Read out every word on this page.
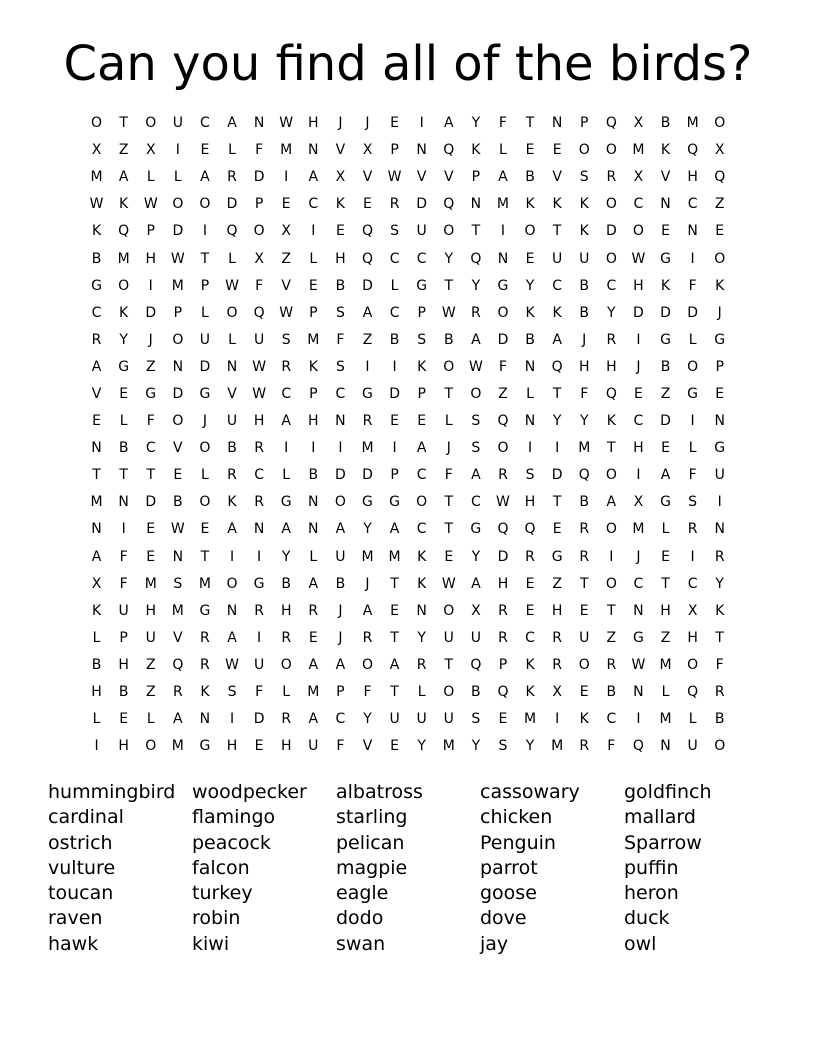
Can you find all of the birds?
O	T	O	U	C	A	N	W	H	J	J	E	I	A	Y	F	T	N	P	Q	X	B	M	O
X	Z	X	I	E	L	F	M	N	V	X	P	N	Q	K	L	E	E	O	O	M	K	Q	X
M	A	L	L	A	R	D	I	A	X	V	W	V	V	P	A	B	V	S	R	X	V	H	Q
W	K	W	O	O	D	P	E	C	K	E	R	D	Q	N	M	K	K	K	O	C	N	C	Z
K	Q	P	D	I	Q	O	X	I	E	Q	S	U	O	T	I	O	T	K	D	O	E	N	E
B	M	H	W	T	L	X	Z	L	H	Q	C	C	Y	Q	N	E	U	U	O	W	G	I	O
G	O	I	M	P	W	F	V	E	B	D	L	G	T	Y	G	Y	C	B	C	H	K	F	K
C	K	D	P	L	O	Q	W	P	S	A	C	P	W	R	O	K	K	B	Y	D	D	D	J
R	Y	J	O	U	L	U	S	M	F	Z	B	S	B	A	D	B	A	J	R	I	G	L	G
A	G	Z	N	D	N	W	R	K	S	I	I	K	O	W	F	N	Q	H	H	J	B	O	P
V	E	G	D	G	V	W	C	P	C	G	D	P	T	O	Z	L	T	F	Q	E	Z	G	E
E	L	F	O	J	U	H	A	H	N	R	E	E	L	S	Q	N	Y	Y	K	C	D	I	N
N	B	C	V	O	B	R	I	I	I	M	I	A	J	S	O	I	I	M	T	H	E	L	G
T	T	T	E	L	R	C	L	B	D	D	P	C	F	A	R	S	D	Q	O	I	A	F	U
M	N	D	B	O	K	R	G	N	O	G	G	O	T	C	W	H	T	B	A	X	G	S	I
N	I	E	W	E	A	N	A	N	A	Y	A	C	T	G	Q	Q	E	R	O	M	L	R	N
A	F	E	N	T	I	I	Y	L	U	M	M	K	E	Y	D	R	G	R	I	J	E	I	R
X	F	M	S	M	O	G	B	A	B	J	T	K	W	A	H	E	Z	T	O	C	T	C	Y
K	U	H	M	G	N	R	H	R	J	A	E	N	O	X	R	E	H	E	T	N	H	X	K
L	P	U	V	R	A	I	R	E	J	R	T	Y	U	U	R	C	R	U	Z	G	Z	H	T
B	H	Z	Q	R	W	U	O	A	A	O	A	R	T	Q	P	K	R	O	R	W	M	O	F
H	B	Z	R	K	S	F	L	M	P	F	T	L	O	B	Q	K	X	E	B	N	L	Q	R
L	E	L	A	N	I	D	R	A	C	Y	U	U	U	S	E	M	I	K	C	I	M	L	B
I	H	O	M	G	H	E	H	U	F	V	E	Y	M	Y	S	Y	M	R	F	Q	N	U	O
hummingbird
cardinal
ostrich
vulture
toucan
raven
hawk
woodpecker
flamingo
peacock
falcon
turkey
robin
kiwi
albatross
starling
pelican
magpie
eagle
dodo
swan
cassowary
chicken
Penguin
parrot
goose
dove
jay
goldfinch
mallard
Sparrow
puffin
heron
duck
owl
